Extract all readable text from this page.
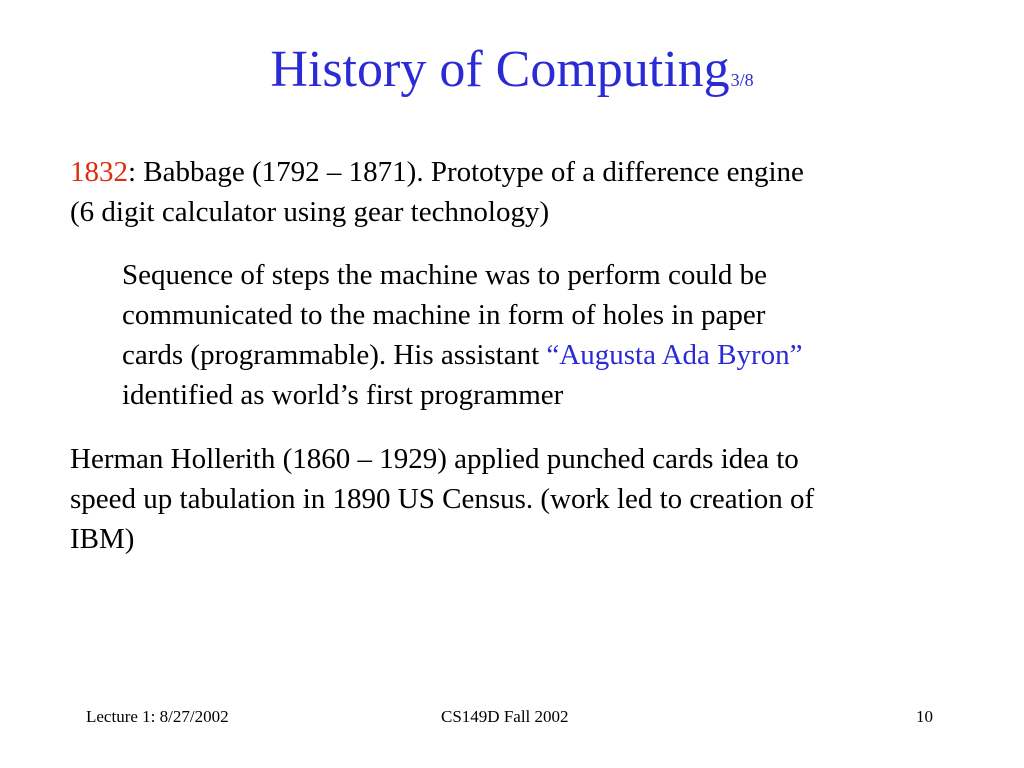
History of Computing3/8
1832: Babbage (1792 – 1871). Prototype of a difference engine
(6 digit calculator using gear technology)
Sequence of steps the machine was to perform could be
communicated to the machine in form of holes in paper
cards (programmable). His assistant “Augusta Ada Byron”
identified as world’s first programmer
Herman Hollerith (1860 – 1929) applied punched cards idea to
speed up tabulation in 1890 US Census. (work led to creation of
IBM)
Lecture 1: 8/27/2002	CS149D Fall 2002	10
